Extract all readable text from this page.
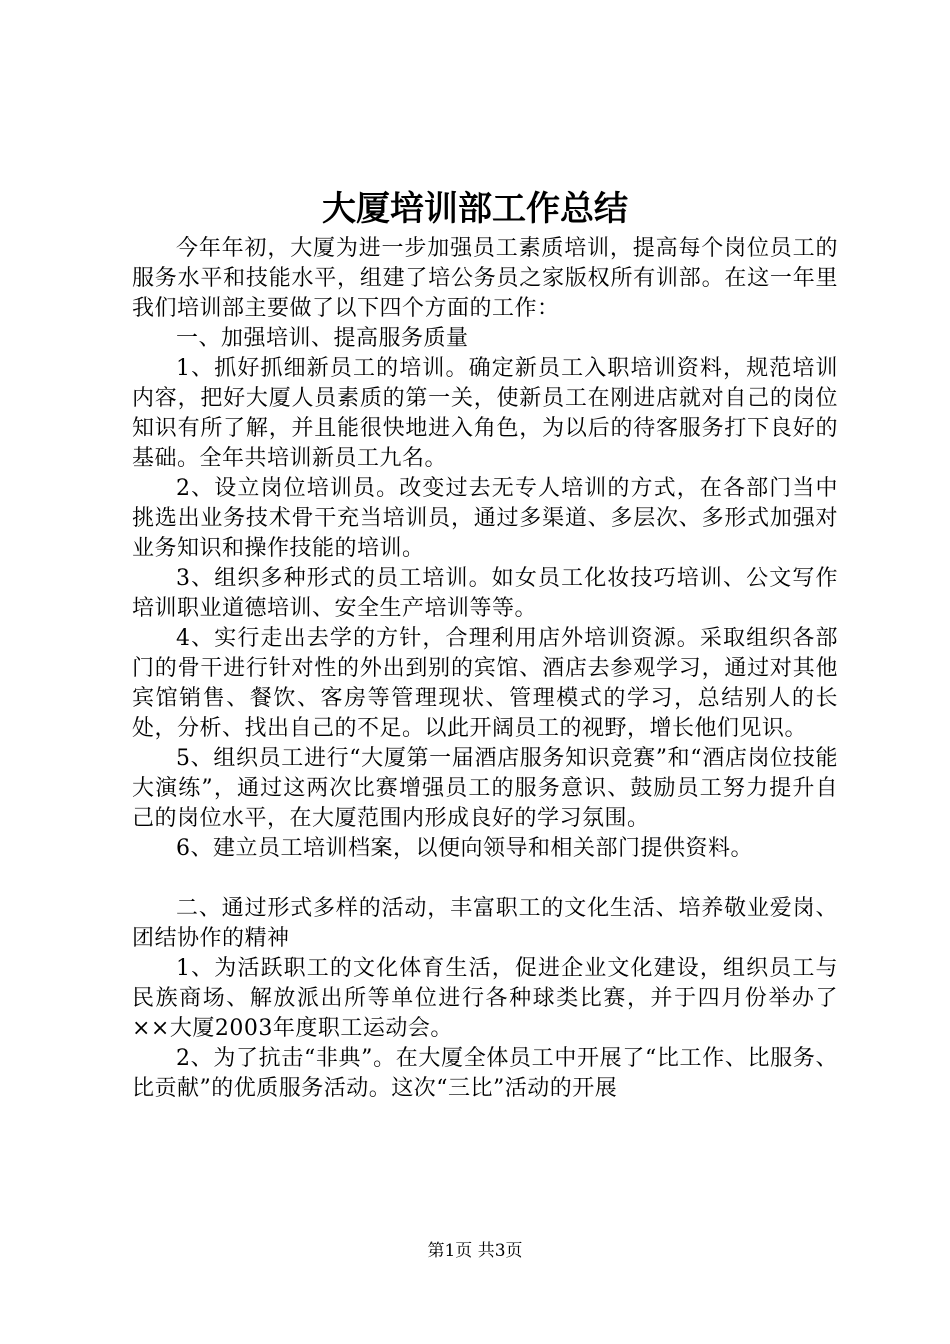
大厦培训部工作总结

今年年初，大厦为进一步加强员工素质培训，提高每个岗位员工的服务水平和技能水平，组建了培公务员之家版权所有训部。在这一年里我们培训部主要做了以下四个方面的工作：

一、加强培训、提高服务质量

1、抓好抓细新员工的培训。确定新员工入职培训资料，规范培训内容，把好大厦人员素质的第一关，使新员工在刚进店就对自己的岗位知识有所了解，并且能很快地进入角色，为以后的待客服务打下良好的基础。全年共培训新员工九名。

2、设立岗位培训员。改变过去无专人培训的方式，在各部门当中挑选出业务技术骨干充当培训员，通过多渠道、多层次、多形式加强对业务知识和操作技能的培训。

3、组织多种形式的员工培训。如女员工化妆技巧培训、公文写作培训职业道德培训、安全生产培训等等。

4、实行走出去学的方针，合理利用店外培训资源。采取组织各部门的骨干进行针对性的外出到别的宾馆、酒店去参观学习，通过对其他宾馆销售、餐饮、客房等管理现状、管理模式的学习，总结别人的长处，分析、找出自己的不足。以此开阔员工的视野，增长他们见识。

5、组织员工进行“大厦第一届酒店服务知识竞赛”和“酒店岗位技能大演练”，通过这两次比赛增强员工的服务意识、鼓励员工努力提升自己的岗位水平，在大厦范围内形成良好的学习氛围。

6、建立员工培训档案，以便向领导和相关部门提供资料。

二、通过形式多样的活动，丰富职工的文化生活、培养敬业爱岗、团结协作的精神

1、为活跃职工的文化体育生活，促进企业文化建设，组织员工与民族商场、解放派出所等单位进行各种球类比赛，并于四月份举办了××大厦2003年度职工运动会。

2、为了抗击“非典”。在大厦全体员工中开展了“比工作、比服务、比贡献”的优质服务活动。这次“三比”活动的开展

第1页 共3页
